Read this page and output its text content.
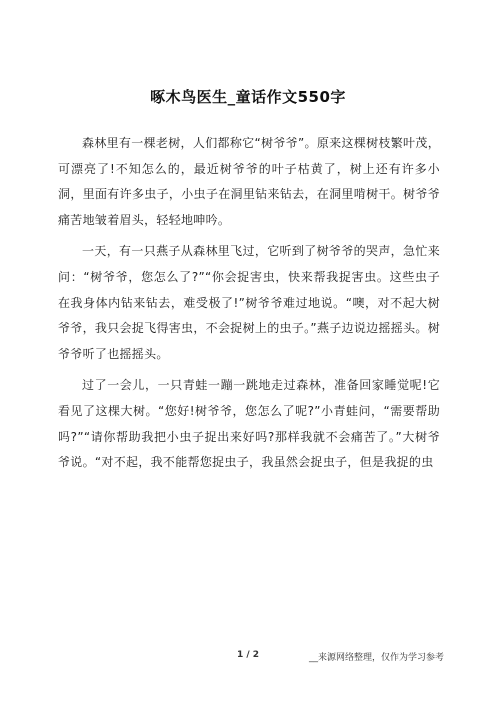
啄木鸟医生_童话作文550字

森林里有一棵老树，人们都称它“树爷爷”。原来这棵树枝繁叶茂，可漂亮了!不知怎么的，最近树爷爷的叶子枯黄了，树上还有许多小洞，里面有许多虫子，小虫子在洞里钻来钻去，在洞里啃树干。树爷爷痛苦地皱着眉头，轻轻地呻吟。

一天，有一只燕子从森林里飞过，它听到了树爷爷的哭声，急忙来问：“树爷爷，您怎么了?”“你会捉害虫，快来帮我捉害虫。这些虫子在我身体内钻来钻去，难受极了!”树爷爷难过地说。“噢，对不起大树爷爷，我只会捉飞得害虫，不会捉树上的虫子。”燕子边说边摇摇头。树爷爷听了也摇摇头。

过了一会儿，一只青蛙一蹦一跳地走过森林，准备回家睡觉呢!它看见了这棵大树。“您好!树爷爷，您怎么了呢?”小青蛙问，“需要帮助吗?”“请你帮助我把小虫子捉出来好吗?那样我就不会痛苦了。”大树爷爷说。“对不起，我不能帮您捉虫子，我虽然会捉虫子，但是我捉的虫

1 / 2	__来源网络整理，仅作为学习参考
